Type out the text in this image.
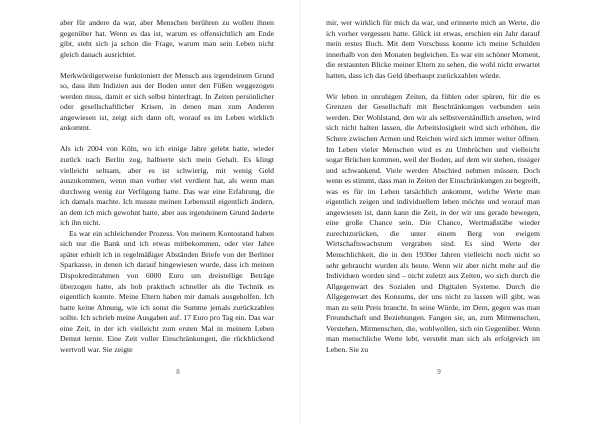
aber für andere da war, aber Menschen berühren zu wollen ihnen gegenüber hat. Wenn es das ist, warum es offensichtlich am Ende gibt, steht sich ja schon die Frage, warum man sein Leben nicht gleich danach ausrichtet.

Merkwürdigerweise funktioniert der Mensch aus irgendeinem Grund so, dass ihm Indizien aus der Boden unter den Füßen weggezogen werden muss, damit er sich selbst hinterfragt. In Zeiten persönlicher oder gesellschaftlicher Krisen, in denen man zum Anderen angewiesen ist, zeigt sich dann oft, worauf es im Leben wirklich ankommt.

Als ich 2004 von Köln, wo ich einige Jahre gelebt hatte, wieder zurück nach Berlin zog, halbierte sich mein Gehalt. Es klingt vielleicht seltsam, aber es ist schwierig, mit wenig Geld auszukommen, wenn man vorher viel verdient hat, als wenn man durchweg wenig zur Verfügung hatte. Das war eine Erfahrung, die ich damals machte. Ich musste meinen Lebensstil eigentlich ändern, an dem ich mich gewohnt hatte, aber aus irgendeinem Grund änderte ich ihn nicht.

Es war ein schleichender Prozess. Von meinem Kontostand haben sich nur die Bank und ich etwas mitbekommen, oder vier Jahre später erhielt ich in regelmäßiger Abständen Briefe von der Berliner Sparkasse, in denen ich darauf hingewiesen wurde, dass ich meinen Dispokreditrahmen von 6000 Euro um dreistellige Beträge überzogen hatte, als hob praktisch schneller als die Technik es eigentlich konnte. Meine Eltern haben mir damals ausgeholfen. Ich hatte keine Ahnung, wie ich sonst die Summe jemals zurückzahlen sollte. Ich schrieb meine Ausgaben auf. 17 Euro pro Tag ein. Das war eine Zeit, in der ich vielleicht zum ersten Mal in meinem Leben Demut lernte. Eine Zeit voller Einschränkungen, die rückblickend wertvoll war. Sie zeigte

8

mir, wer wirklich für mich da war, und erinnerte mich an Werte, die ich vorher vergessen hatte. Glück ist etwas, erschien ein Jahr darauf mein erstes Buch. Mit dem Vorschuss konnte ich meine Schulden innerhalb von den Monaten begleichen. Es war ein schöner Moment, die erstaunten Blicke meiner Eltern zu sehen, die wohl nicht erwartet hatten, dass ich das Geld überhaupt zurückzahlen würde.

Wir leben in unruhigen Zeiten, da fühlen oder spüren, für die es Grenzen der Gesellschaft mit Beschränkungen verbunden sein werden. Der Wohlstand, den wir als selbstverständlich ansehen, wird sich nicht halten lassen, die Arbeitslosigkeit wird sich erhöhen, die Schere zwischen Armen und Reichen wird sich immer weiter öffnen. Im Leben vieler Menschen wird es zu Umbrüchen und vielleicht sogar Brüchen kommen, weil der Boden, auf dem wir stehen, rissiger und schwankend. Viele werden Abschied nehmen müssen. Doch wenn es stimmt, dass man in Zeiten der Einschränkungen zu begreift, was es für im Leben tatsächlich ankommt, welche Werte man eigentlich zeigen und individuellem leben möchte und worauf man angewiesen ist, dann kann die Zeit, in der wir uns gerade bewegen, eine große Chance sein. Die Chance, Wertmaßstäbe wieder zurechtzurücken, die unter einem Berg von ewigem Wirtschaftswachstum vergraben sind. Es sind Werte der Menschlichkeit, die in den 1930er Jahren vielleicht noch nicht so sehr gebraucht wurden als heute. Wenn wir aber nicht mehr auf die Individuen worden sind – nicht zuletzt aus Zeiten, wo sich durch die Allgegenwart des Sozialen und Digitalen Systeme. Durch die Allgegenwart des Konsums, der uns nicht zu lassen will gibt, was man zu sein Preis braucht. In seine Würde, im Dem, gegen was man Freundschaft und Beziehungen. Fangen sie, an, zum Mitmenschen, Verstehen, Mitmenschen, die, wohlwollen, sich ein Gegenüber. Wenn man menschliche Werte lebt, versteht man sich als erfolgreich im Leben. Sie zu

9
